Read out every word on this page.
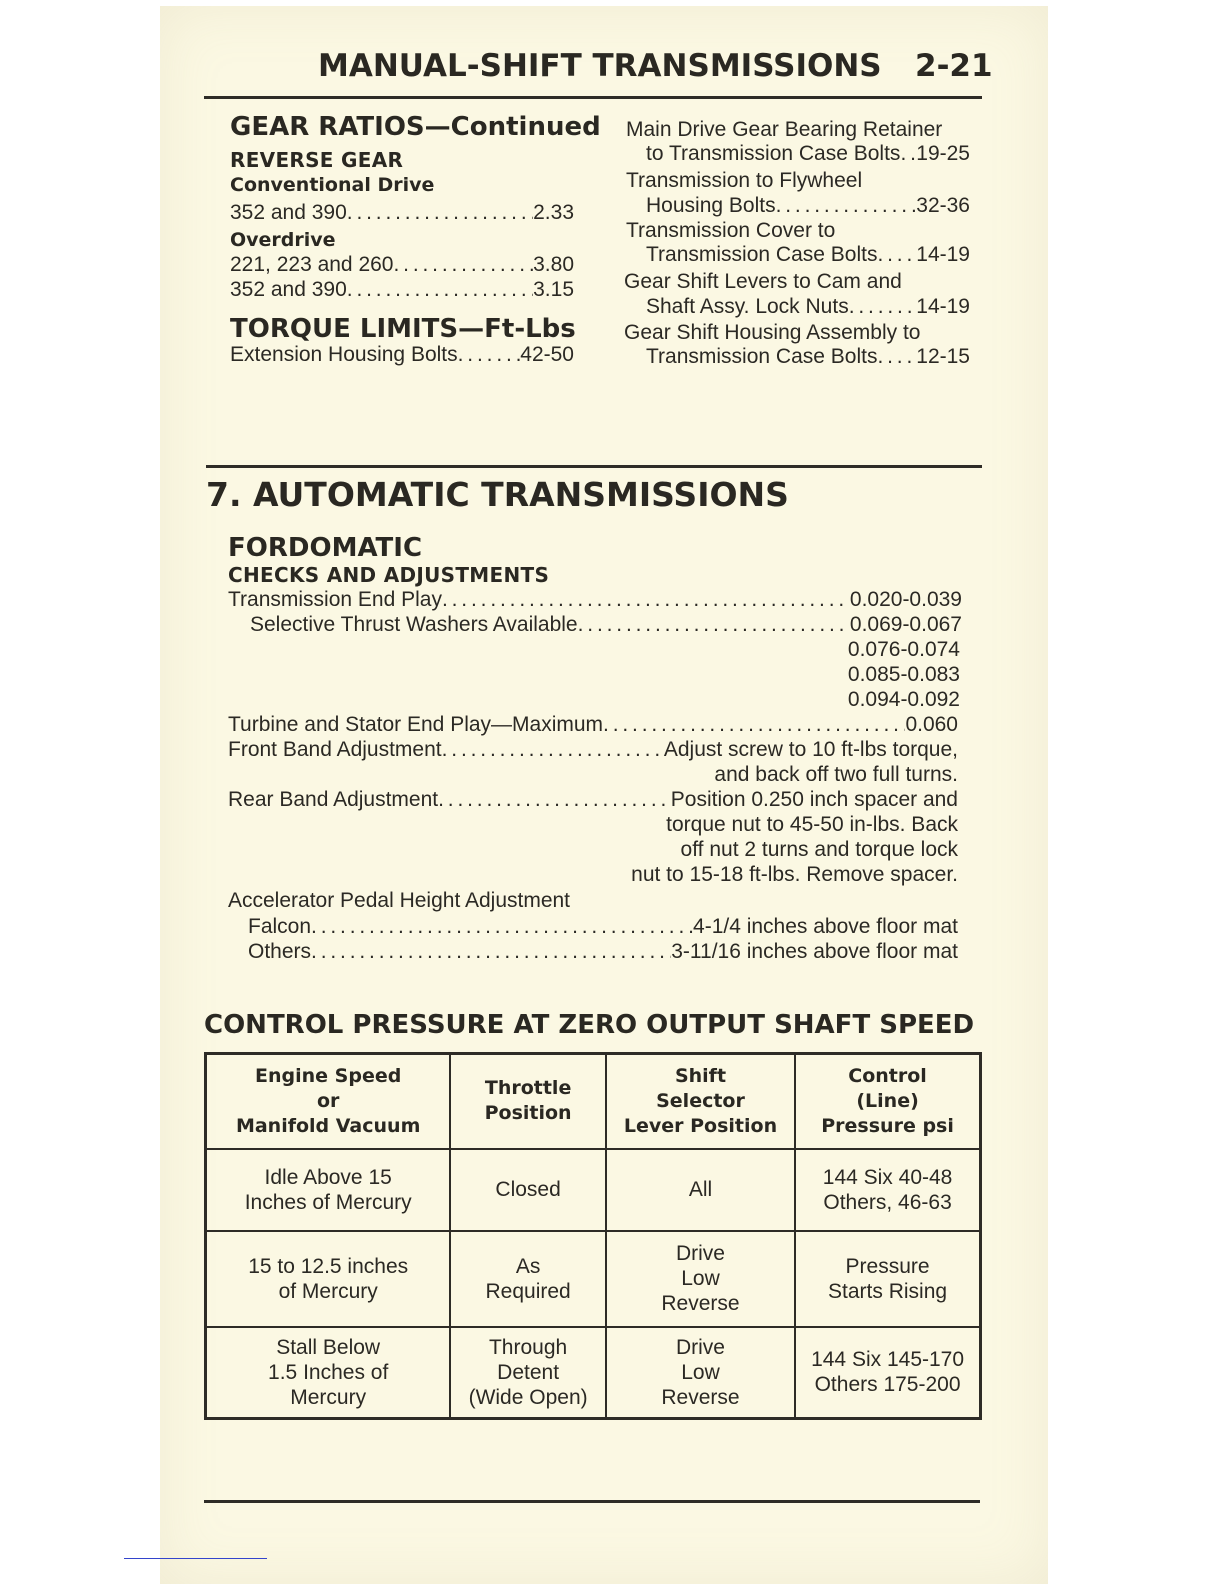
MANUAL-SHIFT TRANSMISSIONS 2-21
GEAR RATIOS—Continued
REVERSE GEAR
Conventional Drive
352 and 390 . . .	2.33
Overdrive
221, 223 and 260 . . .	3.80
352 and 390 . . .	3.15
TORQUE LIMITS—Ft-Lbs
Extension Housing Bolts . . .	42-50
Main Drive Gear Bearing Retainer
to Transmission Case Bolts . . . 19-25
Transmission to Flywheel
Housing Bolts . . .	32-36
Transmission Cover to
Transmission Case Bolts . . . 14-19
Gear Shift Levers to Cam and
Shaft Assy. Lock Nuts . . .	14-19
Gear Shift Housing Assembly to
Transmission Case Bolts . . . 12-15
7. AUTOMATIC TRANSMISSIONS
FORDOMATIC
CHECKS AND ADJUSTMENTS
Transmission End Play . . .	0.020-0.039
Selective Thrust Washers Available . . .	0.069-0.067
0.076-0.074
0.085-0.083
0.094-0.092
Turbine and Stator End Play—Maximum . . .	0.060
Front Band Adjustment . . .	Adjust screw to 10 ft-lbs torque,
and back off two full turns.
Rear Band Adjustment . . .	Position 0.250 inch spacer and
torque nut to 45-50 in-lbs. Back
off nut 2 turns and torque lock
nut to 15-18 ft-lbs. Remove spacer.
Accelerator Pedal Height Adjustment
Falcon . . .	4-1/4 inches above floor mat
Others . . .	3-11/16 inches above floor mat
CONTROL PRESSURE AT ZERO OUTPUT SHAFT SPEED
Engine Speed
or
Manifold Vacuum	Throttle
Position	Shift
Selector
Lever Position	Control
(Line)
Pressure psi
Idle Above 15
Inches of Mercury	Closed	All	144 Six 40-48
Others, 46-63
15 to 12.5 inches
of Mercury	As
Required	Drive
Low
Reverse	Pressure
Starts Rising
Stall Below
1.5 Inches of
Mercury	Through
Detent
(Wide Open)	Drive
Low
Reverse	144 Six 145-170
Others 175-200
